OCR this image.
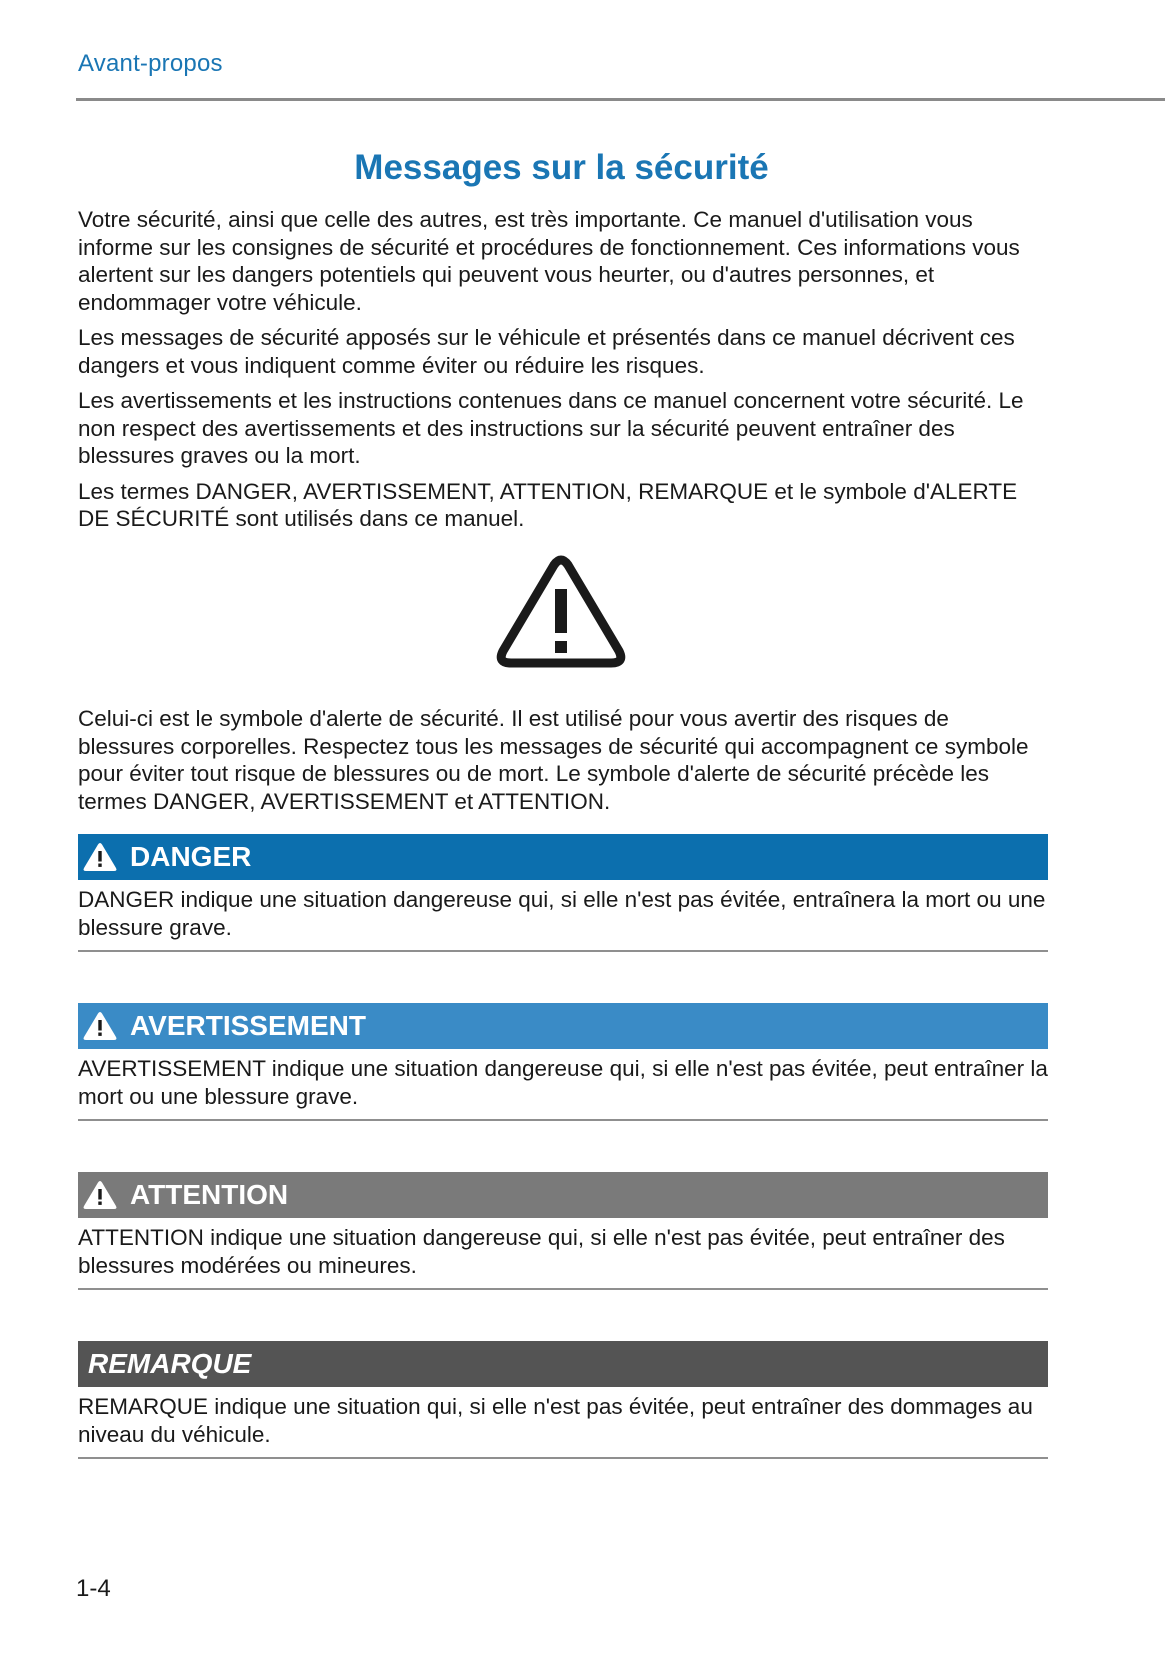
Avant-propos
Messages sur la sécurité

Votre sécurité, ainsi que celle des autres, est très importante. Ce manuel d'utilisation vous informe sur les consignes de sécurité et procédures de fonctionnement. Ces informations vous alertent sur les dangers potentiels qui peuvent vous heurter, ou d'autres personnes, et endommager votre véhicule.

Les messages de sécurité apposés sur le véhicule et présentés dans ce manuel décrivent ces dangers et vous indiquent comme éviter ou réduire les risques.

Les avertissements et les instructions contenues dans ce manuel concernent votre sécurité. Le non respect des avertissements et des instructions sur la sécurité peuvent entraîner des blessures graves ou la mort.

Les termes DANGER, AVERTISSEMENT, ATTENTION, REMARQUE et le symbole d'ALERTE DE SÉCURITÉ sont utilisés dans ce manuel.

Celui-ci est le symbole d'alerte de sécurité. Il est utilisé pour vous avertir des risques de blessures corporelles. Respectez tous les messages de sécurité qui accompagnent ce symbole pour éviter tout risque de blessures ou de mort. Le symbole d'alerte de sécurité précède les termes DANGER, AVERTISSEMENT et ATTENTION.

DANGER
DANGER indique une situation dangereuse qui, si elle n'est pas évitée, entraînera la mort ou une blessure grave.
AVERTISSEMENT
AVERTISSEMENT indique une situation dangereuse qui, si elle n'est pas évitée, peut entraîner la mort ou une blessure grave.
ATTENTION
ATTENTION indique une situation dangereuse qui, si elle n'est pas évitée, peut entraîner des blessures modérées ou mineures.
REMARQUE
REMARQUE indique une situation qui, si elle n'est pas évitée, peut entraîner des dommages au niveau du véhicule.
1-4
